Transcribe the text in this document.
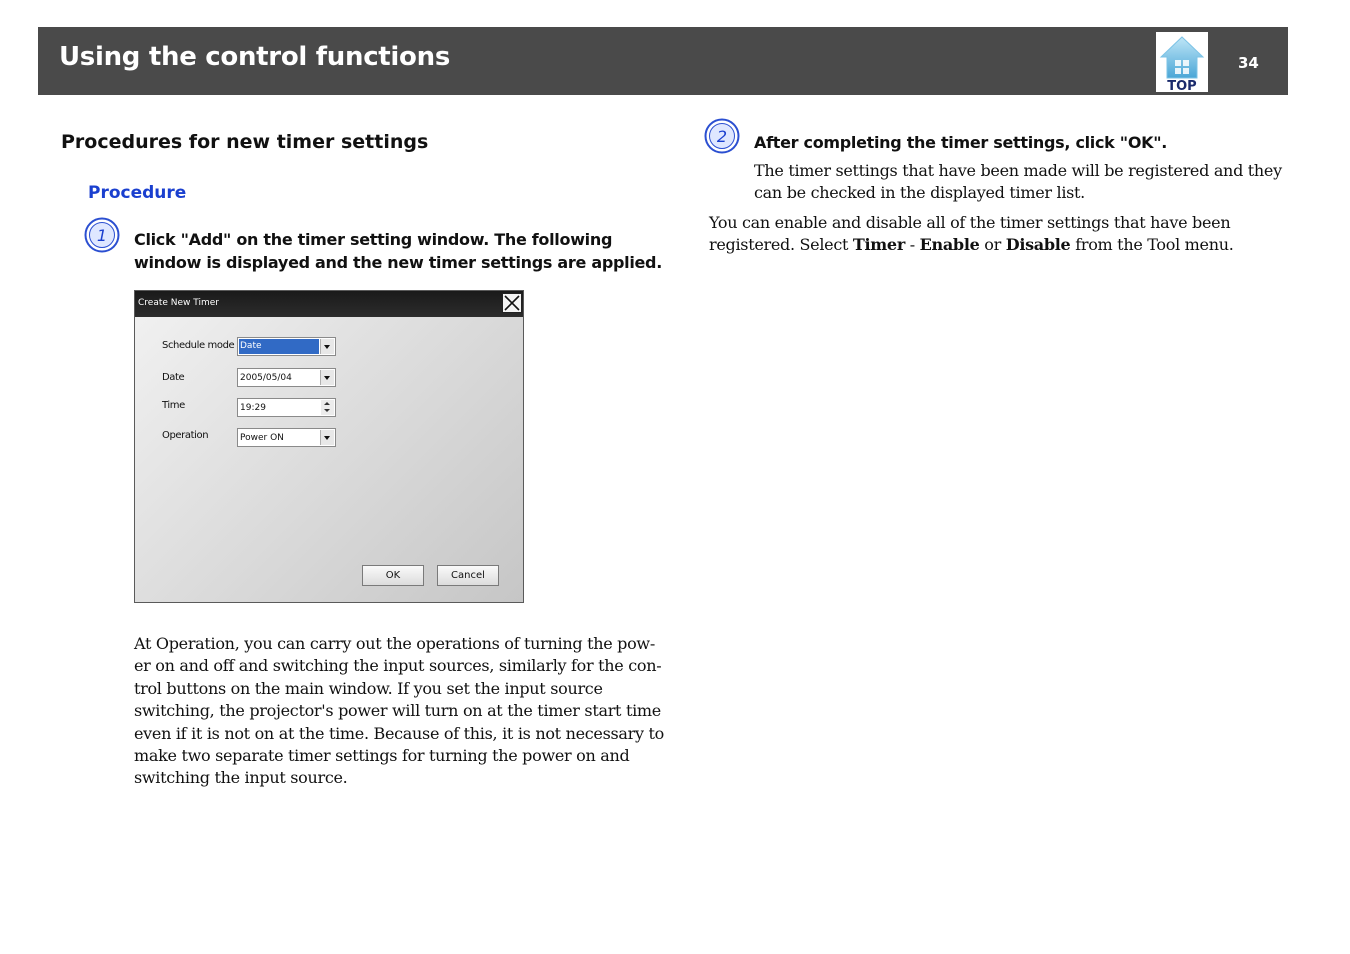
Using the control functions
TOP
34
Procedures for new timer settings
Procedure
1 Click "Add" on the timer setting window. The following
window is displayed and the new timer settings are applied.
Create New Timer
Schedule mode Date
Date	2005/05/04
Time	19:29
Operation	Power ON
OK	Cancel
At Operation, you can carry out the operations of turning the pow-
er on and off and switching the input sources, similarly for the con-
trol buttons on the main window. If you set the input source
switching, the projector's power will turn on at the timer start time
even if it is not on at the time. Because of this, it is not necessary to
make two separate timer settings for turning the power on and
switching the input source.
2 After completing the timer settings, click "OK".
The timer settings that have been made will be registered and they
can be checked in the displayed timer list.
You can enable and disable all of the timer settings that have been
registered. Select Timer - Enable or Disable from the Tool menu.
